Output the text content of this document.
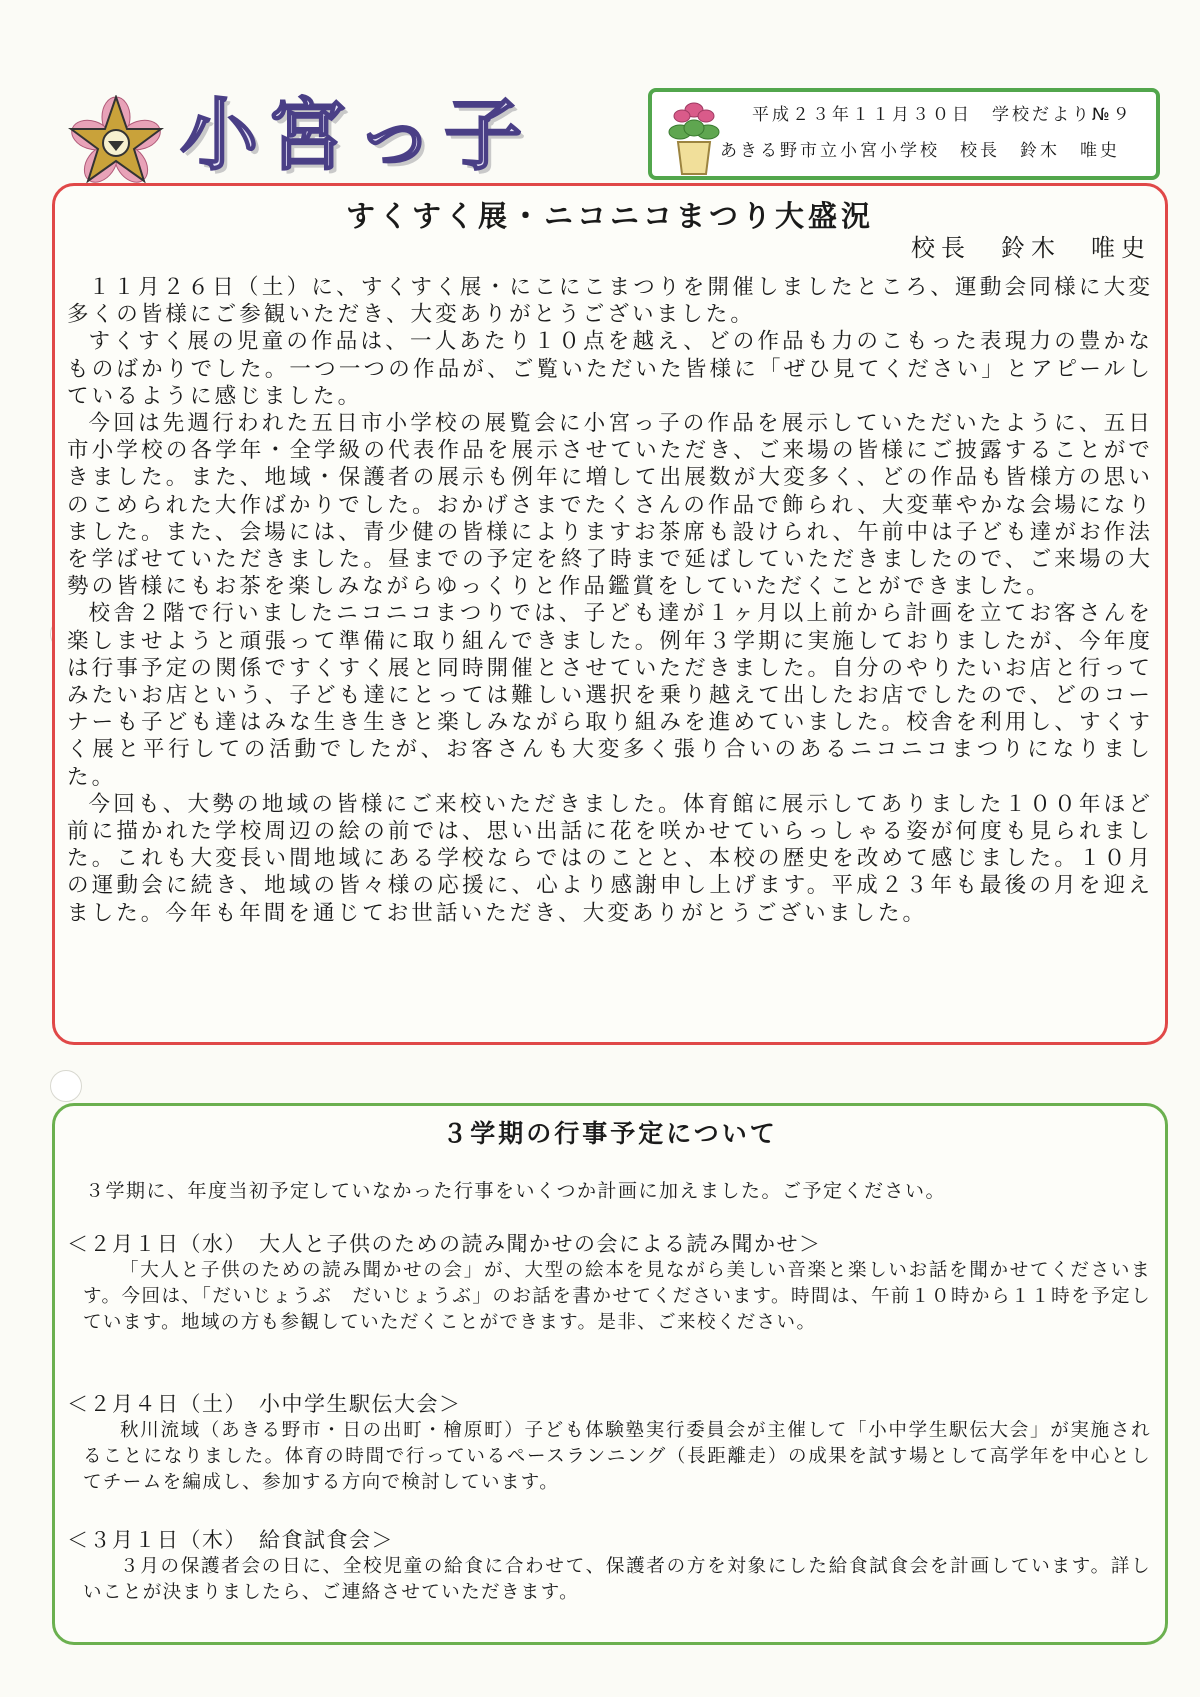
小宮っ子	平成２３年１１月３０日　学校だより№９
あきる野市立小宮小学校　校長　鈴木　唯史
すくすく展・ニコニコまつり大盛況
校長　鈴木　唯史

１１月２６日（土）に、すくすく展・にこにこまつりを開催しましたところ、運動会同様に大変多くの皆様にご参観いただき、大変ありがとうございました。

すくすく展の児童の作品は、一人あたり１０点を越え、どの作品も力のこもった表現力の豊かなものばかりでした。一つ一つの作品が、ご覧いただいた皆様に「ぜひ見てください」とアピールしているように感じました。

今回は先週行われた五日市小学校の展覧会に小宮っ子の作品を展示していただいたように、五日市小学校の各学年・全学級の代表作品を展示させていただき、ご来場の皆様にご披露することができました。また、地域・保護者の展示も例年に増して出展数が大変多く、どの作品も皆様方の思いのこめられた大作ばかりでした。おかげさまでたくさんの作品で飾られ、大変華やかな会場になりました。また、会場には、青少健の皆様によりますお茶席も設けられ、午前中は子ども達がお作法を学ばせていただきました。昼までの予定を終了時まで延ばしていただきましたので、ご来場の大勢の皆様にもお茶を楽しみながらゆっくりと作品鑑賞をしていただくことができました。

校舎２階で行いましたニコニコまつりでは、子ども達が１ヶ月以上前から計画を立てお客さんを楽しませようと頑張って準備に取り組んできました。例年３学期に実施しておりましたが、今年度は行事予定の関係ですくすく展と同時開催とさせていただきました。自分のやりたいお店と行ってみたいお店という、子ども達にとっては難しい選択を乗り越えて出したお店でしたので、どのコーナーも子ども達はみな生き生きと楽しみながら取り組みを進めていました。校舎を利用し、すくすく展と平行しての活動でしたが、お客さんも大変多く張り合いのあるニコニコまつりになりました。

今回も、大勢の地域の皆様にご来校いただきました。体育館に展示してありました１００年ほど前に描かれた学校周辺の絵の前では、思い出話に花を咲かせていらっしゃる姿が何度も見られました。これも大変長い間地域にある学校ならではのことと、本校の歴史を改めて感じました。１０月の運動会に続き、地域の皆々様の応援に、心より感謝申し上げます。平成２３年も最後の月を迎えました。今年も年間を通じてお世話いただき、大変ありがとうございました。

３学期の行事予定について
３学期に、年度当初予定していなかった行事をいくつか計画に加えました。ご予定ください。
＜２月１日（水）　大人と子供のための読み聞かせの会による読み聞かせ＞

「大人と子供のための読み聞かせの会」が、大型の絵本を見ながら美しい音楽と楽しいお話を聞かせてくださいます。今回は、「だいじょうぶ　だいじょうぶ」のお話を書かせてくださいます。時間は、午前１０時から１１時を予定しています。地域の方も参観していただくことができます。是非、ご来校ください。

＜２月４日（土）　小中学生駅伝大会＞

秋川流域（あきる野市・日の出町・檜原町）子ども体験塾実行委員会が主催して「小中学生駅伝大会」が実施されることになりました。体育の時間で行っているペースランニング（長距離走）の成果を試す場として高学年を中心としてチームを編成し、参加する方向で検討しています。

＜３月１日（木）　給食試食会＞

３月の保護者会の日に、全校児童の給食に合わせて、保護者の方を対象にした給食試食会を計画しています。詳しいことが決まりましたら、ご連絡させていただきます。
